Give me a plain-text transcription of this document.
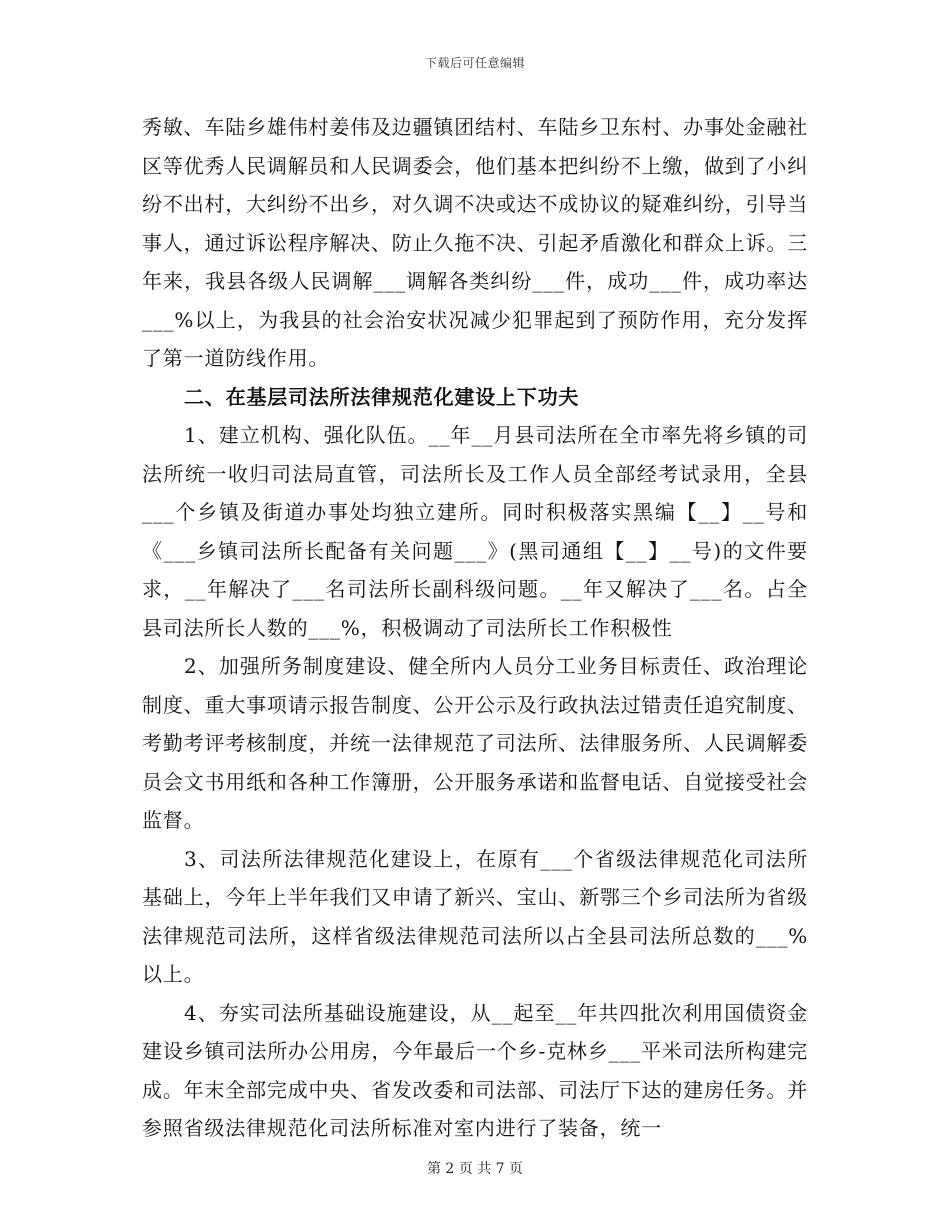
下载后可任意编辑

秀敏、车陆乡雄伟村姜伟及边疆镇团结村、车陆乡卫东村、办事处金融社区等优秀人民调解员和人民调委会，他们基本把纠纷不上缴，做到了小纠纷不出村，大纠纷不出乡，对久调不决或达不成协议的疑难纠纷，引导当事人，通过诉讼程序解决、防止久拖不决、引起矛盾激化和群众上诉。三年来，我县各级人民调解___调解各类纠纷___件，成功___件，成功率达___%以上，为我县的社会治安状况减少犯罪起到了预防作用，充分发挥了第一道防线作用。

二、在基层司法所法律规范化建设上下功夫

1、建立机构、强化队伍。__年__月县司法所在全市率先将乡镇的司法所统一收归司法局直管，司法所长及工作人员全部经考试录用，全县___个乡镇及街道办事处均独立建所。同时积极落实黑编【__】__号和《___乡镇司法所长配备有关问题___》(黑司通组【__】__号)的文件要求，__年解决了___名司法所长副科级问题。__年又解决了___名。占全县司法所长人数的___%，积极调动了司法所长工作积极性

2、加强所务制度建设、健全所内人员分工业务目标责任、政治理论制度、重大事项请示报告制度、公开公示及行政执法过错责任追究制度、考勤考评考核制度，并统一法律规范了司法所、法律服务所、人民调解委员会文书用纸和各种工作簿册，公开服务承诺和监督电话、自觉接受社会监督。

3、司法所法律规范化建设上，在原有___个省级法律规范化司法所基础上，今年上半年我们又申请了新兴、宝山、新鄂三个乡司法所为省级法律规范司法所，这样省级法律规范司法所以占全县司法所总数的___%以上。

4、夯实司法所基础设施建设，从__起至__年共四批次利用国债资金建设乡镇司法所办公用房，今年最后一个乡-克林乡___平米司法所构建完成。年末全部完成中央、省发改委和司法部、司法厅下达的建房任务。并参照省级法律规范化司法所标准对室内进行了装备，统一

第 2 页 共 7 页
